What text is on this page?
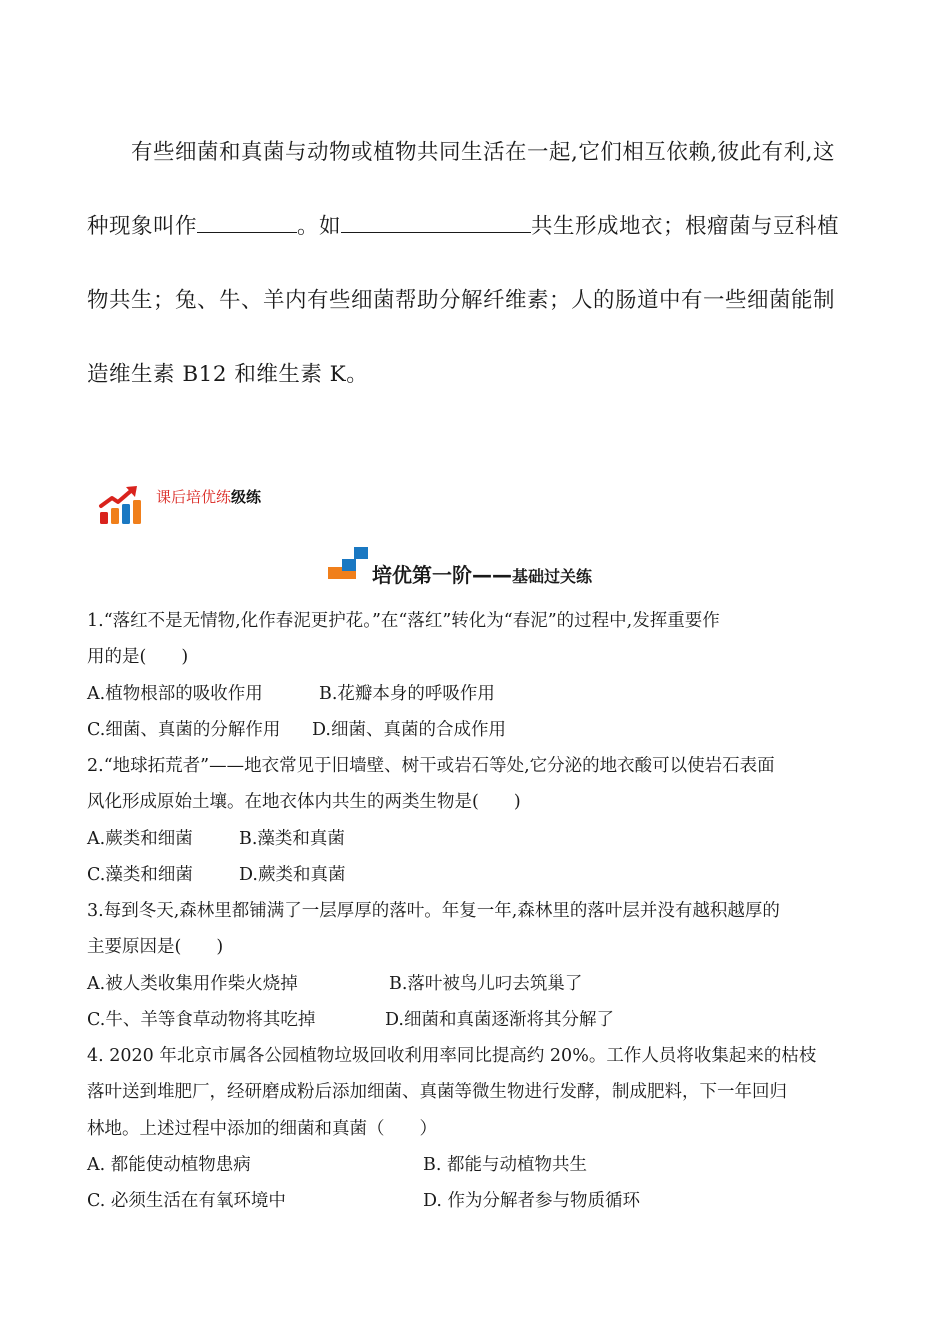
有些细菌和真菌与动物或植物共同生活在一起,它们相互依赖,彼此有利,这
种现象叫作	。如	共生形成地衣；根瘤菌与豆科植
物共生；兔、牛、羊内有些细菌帮助分解纤维素；人的肠道中有一些细菌能制
造维生素 B12 和维生素 K。
课后培优练级练
培优第一阶——基础过关练
1.“落红不是无情物,化作春泥更护花。”在“落红”转化为“春泥”的过程中,发挥重要作
用的是(　　)
A.植物根部的吸收作用	B.花瓣本身的呼吸作用
C.细菌、真菌的分解作用 D.细菌、真菌的合成作用
2.“地球拓荒者”——地衣常见于旧墙壁、树干或岩石等处,它分泌的地衣酸可以使岩石表面
风化形成原始土壤。在地衣体内共生的两类生物是(　　)
A.蕨类和细菌	B.藻类和真菌
C.藻类和细菌	D.蕨类和真菌
3.每到冬天,森林里都铺满了一层厚厚的落叶。年复一年,森林里的落叶层并没有越积越厚的
主要原因是(　　)
A.被人类收集用作柴火烧掉	B.落叶被鸟儿叼去筑巢了
C.牛、羊等食草动物将其吃掉	D.细菌和真菌逐渐将其分解了
4. 2020 年北京市属各公园植物垃圾回收利用率同比提高约 20%。工作人员将收集起来的枯枝
落叶送到堆肥厂，经研磨成粉后添加细菌、真菌等微生物进行发酵，制成肥料，下一年回归
林地。上述过程中添加的细菌和真菌（　　）
A. 都能使动植物患病	B. 都能与动植物共生
C. 必须生活在有氧环境中	D. 作为分解者参与物质循环
